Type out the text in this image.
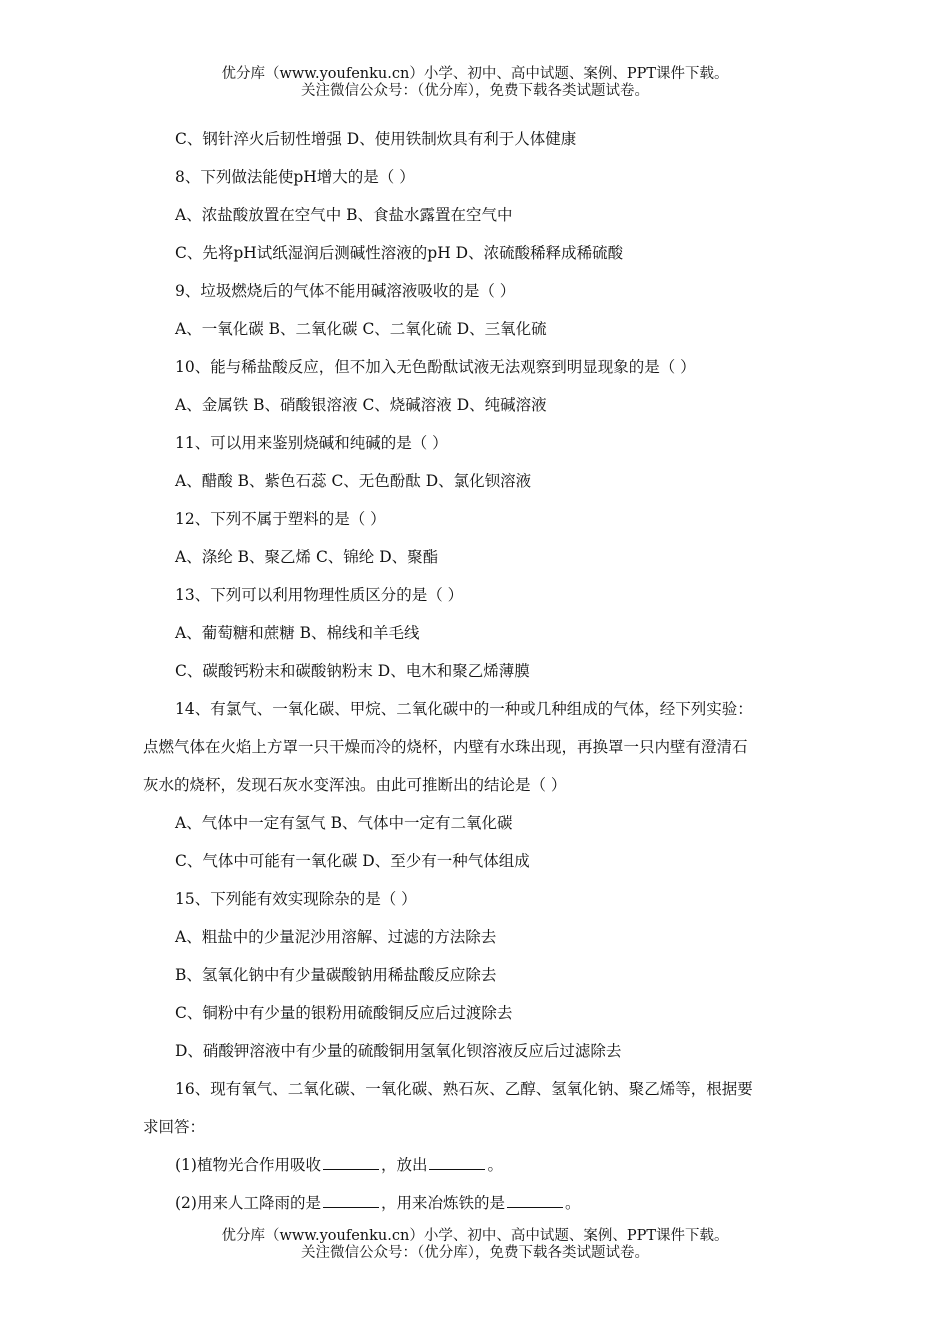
优分库（www.youfenku.cn）小学、初中、高中试题、案例、PPT课件下载。
关注微信公众号：（优分库），免费下载各类试题试卷。
C、钢针淬火后韧性增强 D、使用铁制炊具有利于人体健康
8、下列做法能使pH增大的是（ ）
A、浓盐酸放置在空气中 B、食盐水露置在空气中
C、先将pH试纸湿润后测碱性溶液的pH D、浓硫酸稀释成稀硫酸
9、垃圾燃烧后的气体不能用碱溶液吸收的是（ ）
A、一氧化碳 B、二氧化碳 C、二氧化硫 D、三氧化硫
10、能与稀盐酸反应，但不加入无色酚酞试液无法观察到明显现象的是（ ）
A、金属铁 B、硝酸银溶液 C、烧碱溶液 D、纯碱溶液
11、可以用来鉴别烧碱和纯碱的是（ ）
A、醋酸 B、紫色石蕊 C、无色酚酞 D、氯化钡溶液
12、下列不属于塑料的是（ ）
A、涤纶 B、聚乙烯 C、锦纶 D、聚酯
13、下列可以利用物理性质区分的是（ ）
A、葡萄糖和蔗糖 B、棉线和羊毛线
C、碳酸钙粉末和碳酸钠粉末 D、电木和聚乙烯薄膜
14、有氯气、一氧化碳、甲烷、二氧化碳中的一种或几种组成的气体，经下列实验：
点燃气体在火焰上方罩一只干燥而冷的烧杯，内壁有水珠出现，再换罩一只内壁有澄清石
灰水的烧杯，发现石灰水变浑浊。由此可推断出的结论是（ ）
A、气体中一定有氢气 B、气体中一定有二氧化碳
C、气体中可能有一氧化碳 D、至少有一种气体组成
15、下列能有效实现除杂的是（ ）
A、粗盐中的少量泥沙用溶解、过滤的方法除去
B、氢氧化钠中有少量碳酸钠用稀盐酸反应除去
C、铜粉中有少量的银粉用硫酸铜反应后过渡除去
D、硝酸钾溶液中有少量的硫酸铜用氢氧化钡溶液反应后过滤除去
16、现有氧气、二氧化碳、一氧化碳、熟石灰、乙醇、氢氧化钠、聚乙烯等，根据要
求回答：
(1)植物光合作用吸收	，放出	。
(2)用来人工降雨的是	，用来冶炼铁的是	。
优分库（www.youfenku.cn）小学、初中、高中试题、案例、PPT课件下载。
关注微信公众号：（优分库），免费下载各类试题试卷。
